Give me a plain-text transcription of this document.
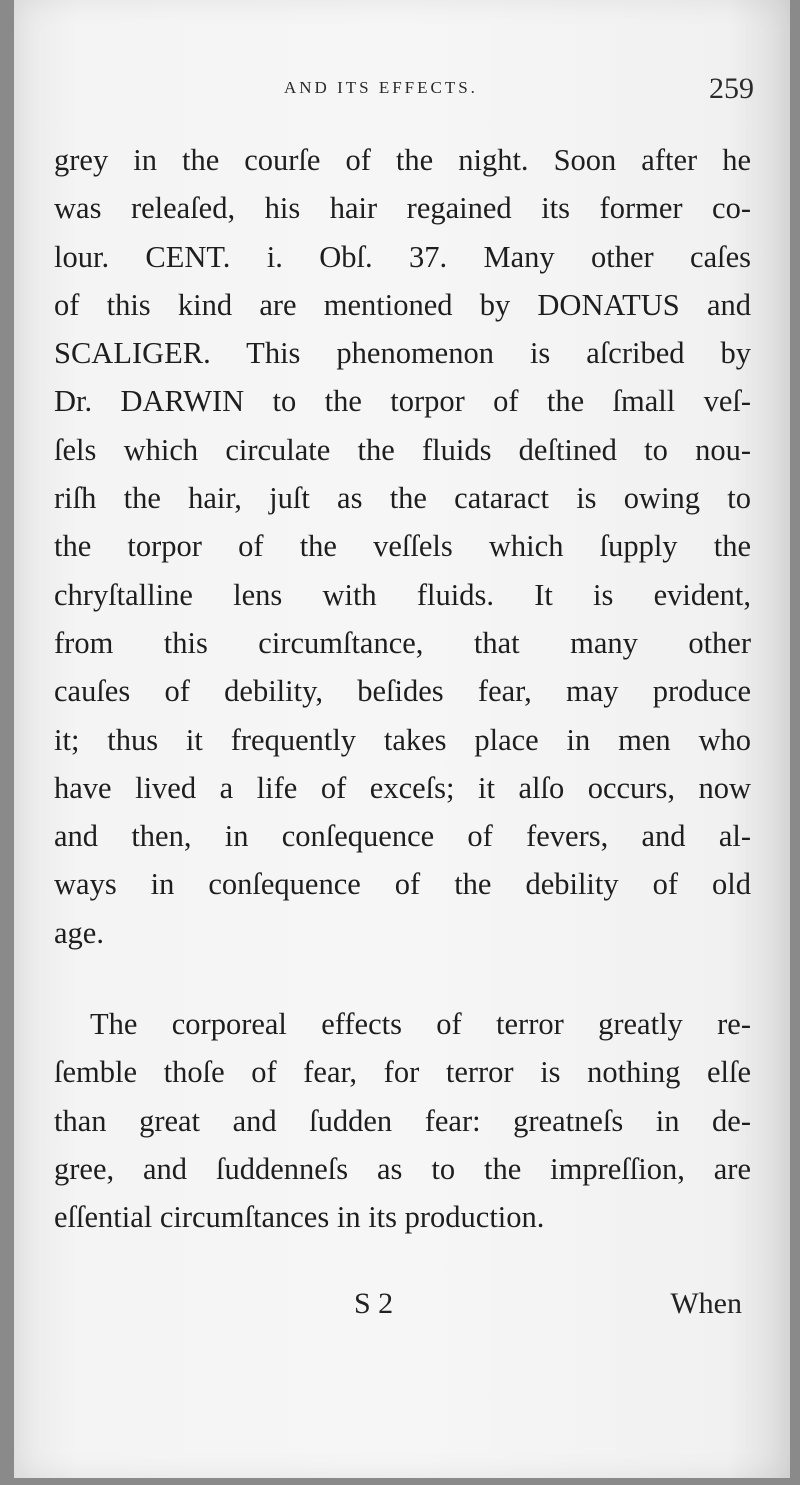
AND ITS EFFECTS.	259
grey in the courſe of the night. Soon after he
was releaſed, his hair regained its former co-
lour. CENT. i. Obſ. 37. Many other caſes
of this kind are mentioned by DONATUS and
SCALIGER. This phenomenon is aſcribed by
Dr. DARWIN to the torpor of the ſmall veſ-
ſels which circulate the fluids deſtined to nou-
riſh the hair, juſt as the cataract is owing to
the torpor of the veſſels which ſupply the
chryſtalline lens with fluids. It is evident,
from this circumſtance, that many other
cauſes of debility, beſides fear, may produce
it; thus it frequently takes place in men who
have lived a life of exceſs; it alſo occurs, now
and then, in conſequence of fevers, and al-
ways in conſequence of the debility of old
age.
The corporeal effects of terror greatly re-
ſemble thoſe of fear, for terror is nothing elſe
than great and ſudden fear: greatneſs in de-
gree, and ſuddenneſs as to the impreſſion, are
eſſential circumſtances in its production.
S 2	When
